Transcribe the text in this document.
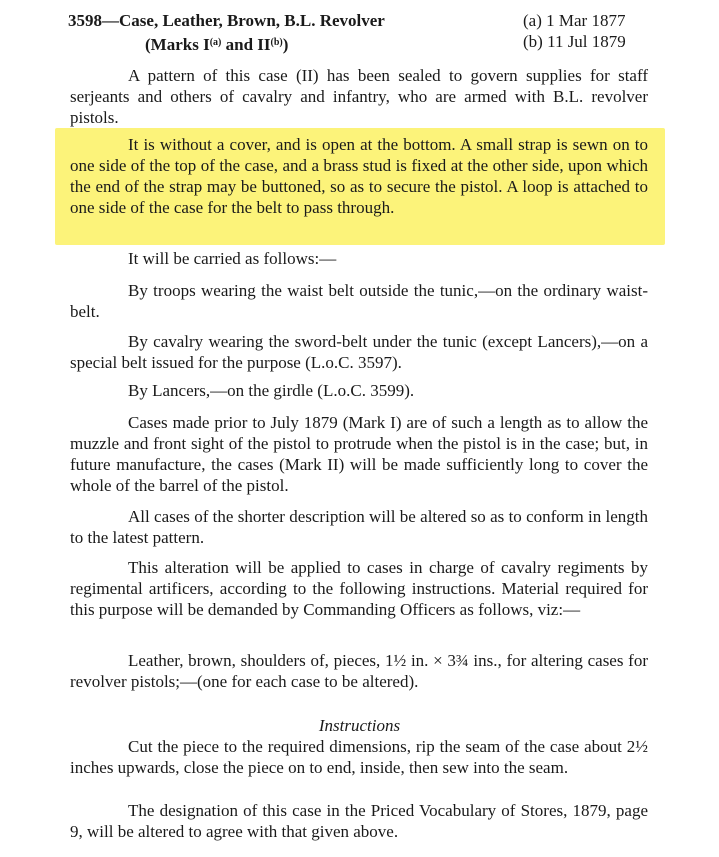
3598—Case, Leather, Brown, B.L. Revolver
(Marks $I^{(a)}$ and II$^{(b)}$)
(a) 1 Mar 1877
(b) 11 Jul 1879
A pattern of this case (II) has been sealed to govern supplies for staff serjeants and others of cavalry and infantry, who are armed with B.L. revolver pistols.
It is without a cover, and is open at the bottom. A small strap is sewn on to one side of the top of the case, and a brass stud is fixed at the other side, upon which the end of the strap may be buttoned, so as to secure the pistol. A loop is attached to one side of the case for the belt to pass through.
It will be carried as follows:—
By troops wearing the waist belt outside the tunic,—on the ordinary waist-belt.
By cavalry wearing the sword-belt under the tunic (except Lancers),—on a special belt issued for the purpose (L.o.C. 3597).
By Lancers,—on the girdle (L.o.C. 3599).
Cases made prior to July 1879 (Mark I) are of such a length as to allow the muzzle and front sight of the pistol to protrude when the pistol is in the case; but, in future manufacture, the cases (Mark II) will be made sufficiently long to cover the whole of the barrel of the pistol.
All cases of the shorter description will be altered so as to conform in length to the latest pattern.
This alteration will be applied to cases in charge of cavalry regiments by regimental artificers, according to the following instructions. Material required for this purpose will be demanded by Commanding Officers as follows, viz:—
Leather, brown, shoulders of, pieces, 1½ in. × 3¾ ins., for altering cases for revolver pistols;—(one for each case to be altered).
Instructions
Cut the piece to the required dimensions, rip the seam of the case about 2½ inches upwards, close the piece on to end, inside, then sew into the seam.
The designation of this case in the Priced Vocabulary of Stores, 1879, page 9, will be altered to agree with that given above.
